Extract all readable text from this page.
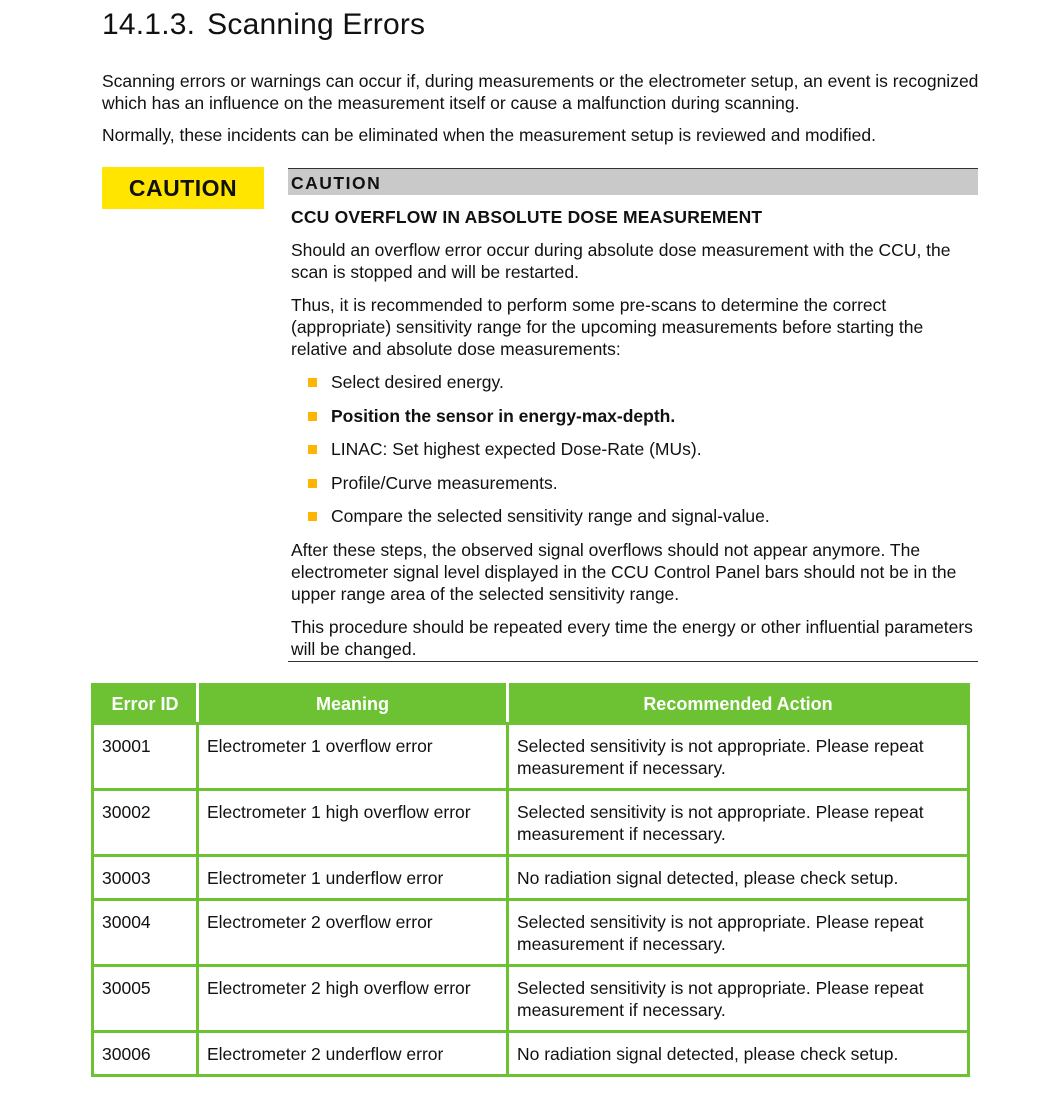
14.1.3. Scanning Errors

Scanning errors or warnings can occur if, during measurements or the electrometer setup, an event is recognized which has an influence on the measurement itself or cause a malfunction during scanning.

Normally, these incidents can be eliminated when the measurement setup is reviewed and modified.

CAUTION	CAUTION

CCU OVERFLOW IN ABSOLUTE DOSE MEASUREMENT

Should an overflow error occur during absolute dose measurement with the CCU, the scan is stopped and will be restarted.

Thus, it is recommended to perform some pre-scans to determine the correct (appropriate) sensitivity range for the upcoming measurements before starting the relative and absolute dose measurements:

Select desired energy.
Position the sensor in energy-max-depth.
LINAC: Set highest expected Dose-Rate (MUs).
Profile/Curve measurements.
Compare the selected sensitivity range and signal-value.

After these steps, the observed signal overflows should not appear anymore. The electrometer signal level displayed in the CCU Control Panel bars should not be in the upper range area of the selected sensitivity range.

This procedure should be repeated every time the energy or other influential parameters will be changed.

Error ID	Meaning	Recommended Action
30001	Electrometer 1 overflow error	Selected sensitivity is not appropriate. Please repeat measurement if necessary.
30002	Electrometer 1 high overflow error	Selected sensitivity is not appropriate. Please repeat measurement if necessary.
30003	Electrometer 1 underflow error	No radiation signal detected, please check setup.
30004	Electrometer 2 overflow error	Selected sensitivity is not appropriate. Please repeat measurement if necessary.
30005	Electrometer 2 high overflow error	Selected sensitivity is not appropriate. Please repeat measurement if necessary.
30006	Electrometer 2 underflow error	No radiation signal detected, please check setup.
